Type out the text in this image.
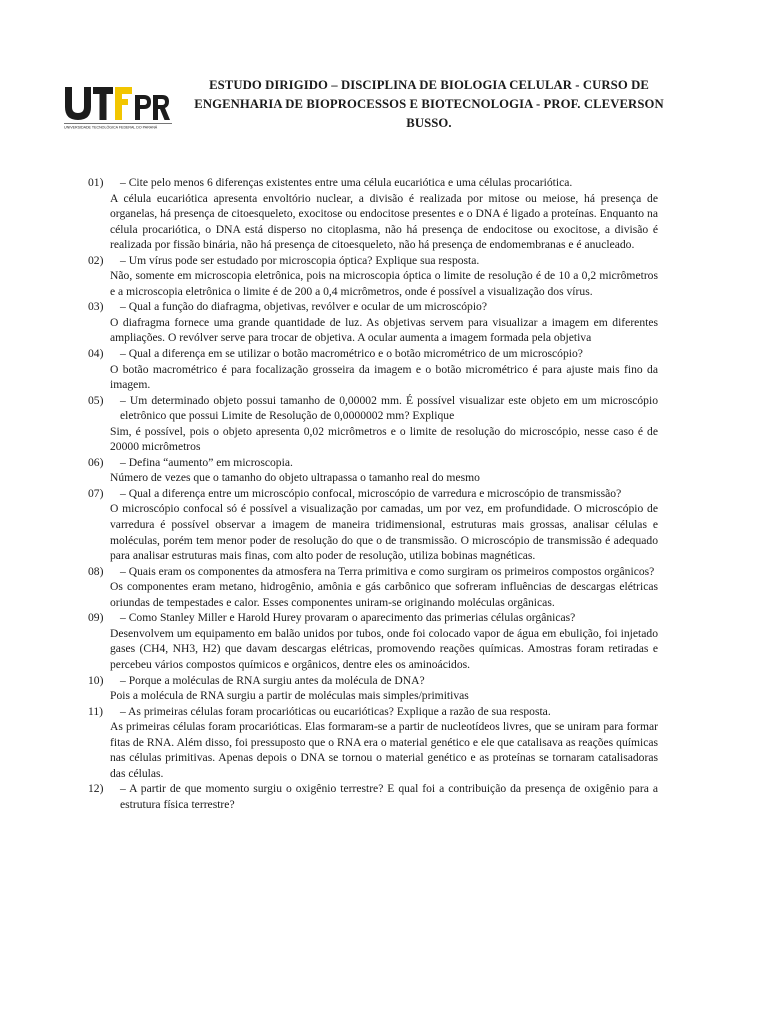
UNIVERSIDADE TECNOLÓGICA FEDERAL DO PARANÁ
ESTUDO DIRIGIDO – DISCIPLINA DE BIOLOGIA CELULAR - CURSO DE
ENGENHARIA DE BIOPROCESSOS E BIOTECNOLOGIA - PROF. CLEVERSON
BUSSO.
01)	– Cite pelo menos 6 diferenças existentes entre uma célula eucariótica e uma células procariótica.
A célula eucariótica apresenta envoltório nuclear, a divisão é realizada por mitose ou meiose, há presença de organelas, há presença de citoesqueleto, exocitose ou endocitose presentes e o DNA é ligado a proteínas. Enquanto na célula procariótica, o DNA está disperso no citoplasma, não há presença de endocitose ou exocitose, a divisão é realizada por fissão binária, não há presença de citoesqueleto, não há presença de endomembranas e é anucleado.
02)	– Um vírus pode ser estudado por microscopia óptica? Explique sua resposta.
Não, somente em microscopia eletrônica, pois na microscopia óptica o limite de resolução é de 10 a 0,2 micrômetros e a microscopia eletrônica o limite é de 200 a 0,4 micrômetros, onde é possível a visualização dos vírus.
03)	– Qual a função do diafragma, objetivas, revólver e ocular de um microscópio?
O diafragma fornece uma grande quantidade de luz. As objetivas servem para visualizar a imagem em diferentes ampliações. O revólver serve para trocar de objetiva. A ocular aumenta a imagem formada pela objetiva
04)	– Qual a diferença em se utilizar o botão macrométrico e o botão micrométrico de um microscópio?
O botão macrométrico é para focalização grosseira da imagem e o botão micrométrico é para ajuste mais fino da imagem.
05)	– Um determinado objeto possui tamanho de 0,00002 mm. É possível visualizar este objeto em um microscópio eletrônico que possui Limite de Resolução de 0,0000002 mm? Explique
Sim, é possível, pois o objeto apresenta 0,02 micrômetros e o limite de resolução do microscópio, nesse caso é de 20000 micrômetros
06)	– Defina “aumento” em microscopia.
Número de vezes que o tamanho do objeto ultrapassa o tamanho real do mesmo
07)	– Qual a diferença entre um microscópio confocal, microscópio de varredura e microscópio de transmissão?
O microscópio confocal só é possível a visualização por camadas, um por vez, em profundidade. O microscópio de varredura é possível observar a imagem de maneira tridimensional, estruturas mais grossas, analisar células e moléculas, porém tem menor poder de resolução do que o de transmissão. O microscópio de transmissão é adequado para analisar estruturas mais finas, com alto poder de resolução, utiliza bobinas magnéticas.
08)	– Quais eram os componentes da atmosfera na Terra primitiva e como surgiram os primeiros compostos orgânicos?
Os componentes eram metano, hidrogênio, amônia e gás carbônico que sofreram influências de descargas elétricas oriundas de tempestades e calor. Esses componentes uniram-se originando moléculas orgânicas.
09)	– Como Stanley Miller e Harold Hurey provaram o aparecimento das primerias células orgânicas?
Desenvolvem um equipamento em balão unidos por tubos, onde foi colocado vapor de água em ebulição, foi injetado gases (CH4, NH3, H2) que davam descargas elétricas, promovendo reações químicas. Amostras foram retiradas e percebeu vários compostos químicos e orgânicos, dentre eles os aminoácidos.
10)	– Porque a moléculas de RNA surgiu antes da molécula de DNA?
Pois a molécula de RNA surgiu a partir de moléculas mais simples/primitivas
11)	– As primeiras células foram procarióticas ou eucarióticas? Explique a razão de sua resposta.
As primeiras células foram procarióticas. Elas formaram-se a partir de nucleotídeos livres, que se uniram para formar fitas de RNA. Além disso, foi pressuposto que o RNA era o material genético e ele que catalisava as reações químicas nas células primitivas. Apenas depois o DNA se tornou o material genético e as proteínas se tornaram catalisadoras das células.
12)	– A partir de que momento surgiu o oxigênio terrestre? E qual foi a contribuição da presença de oxigênio para a estrutura física terrestre?
